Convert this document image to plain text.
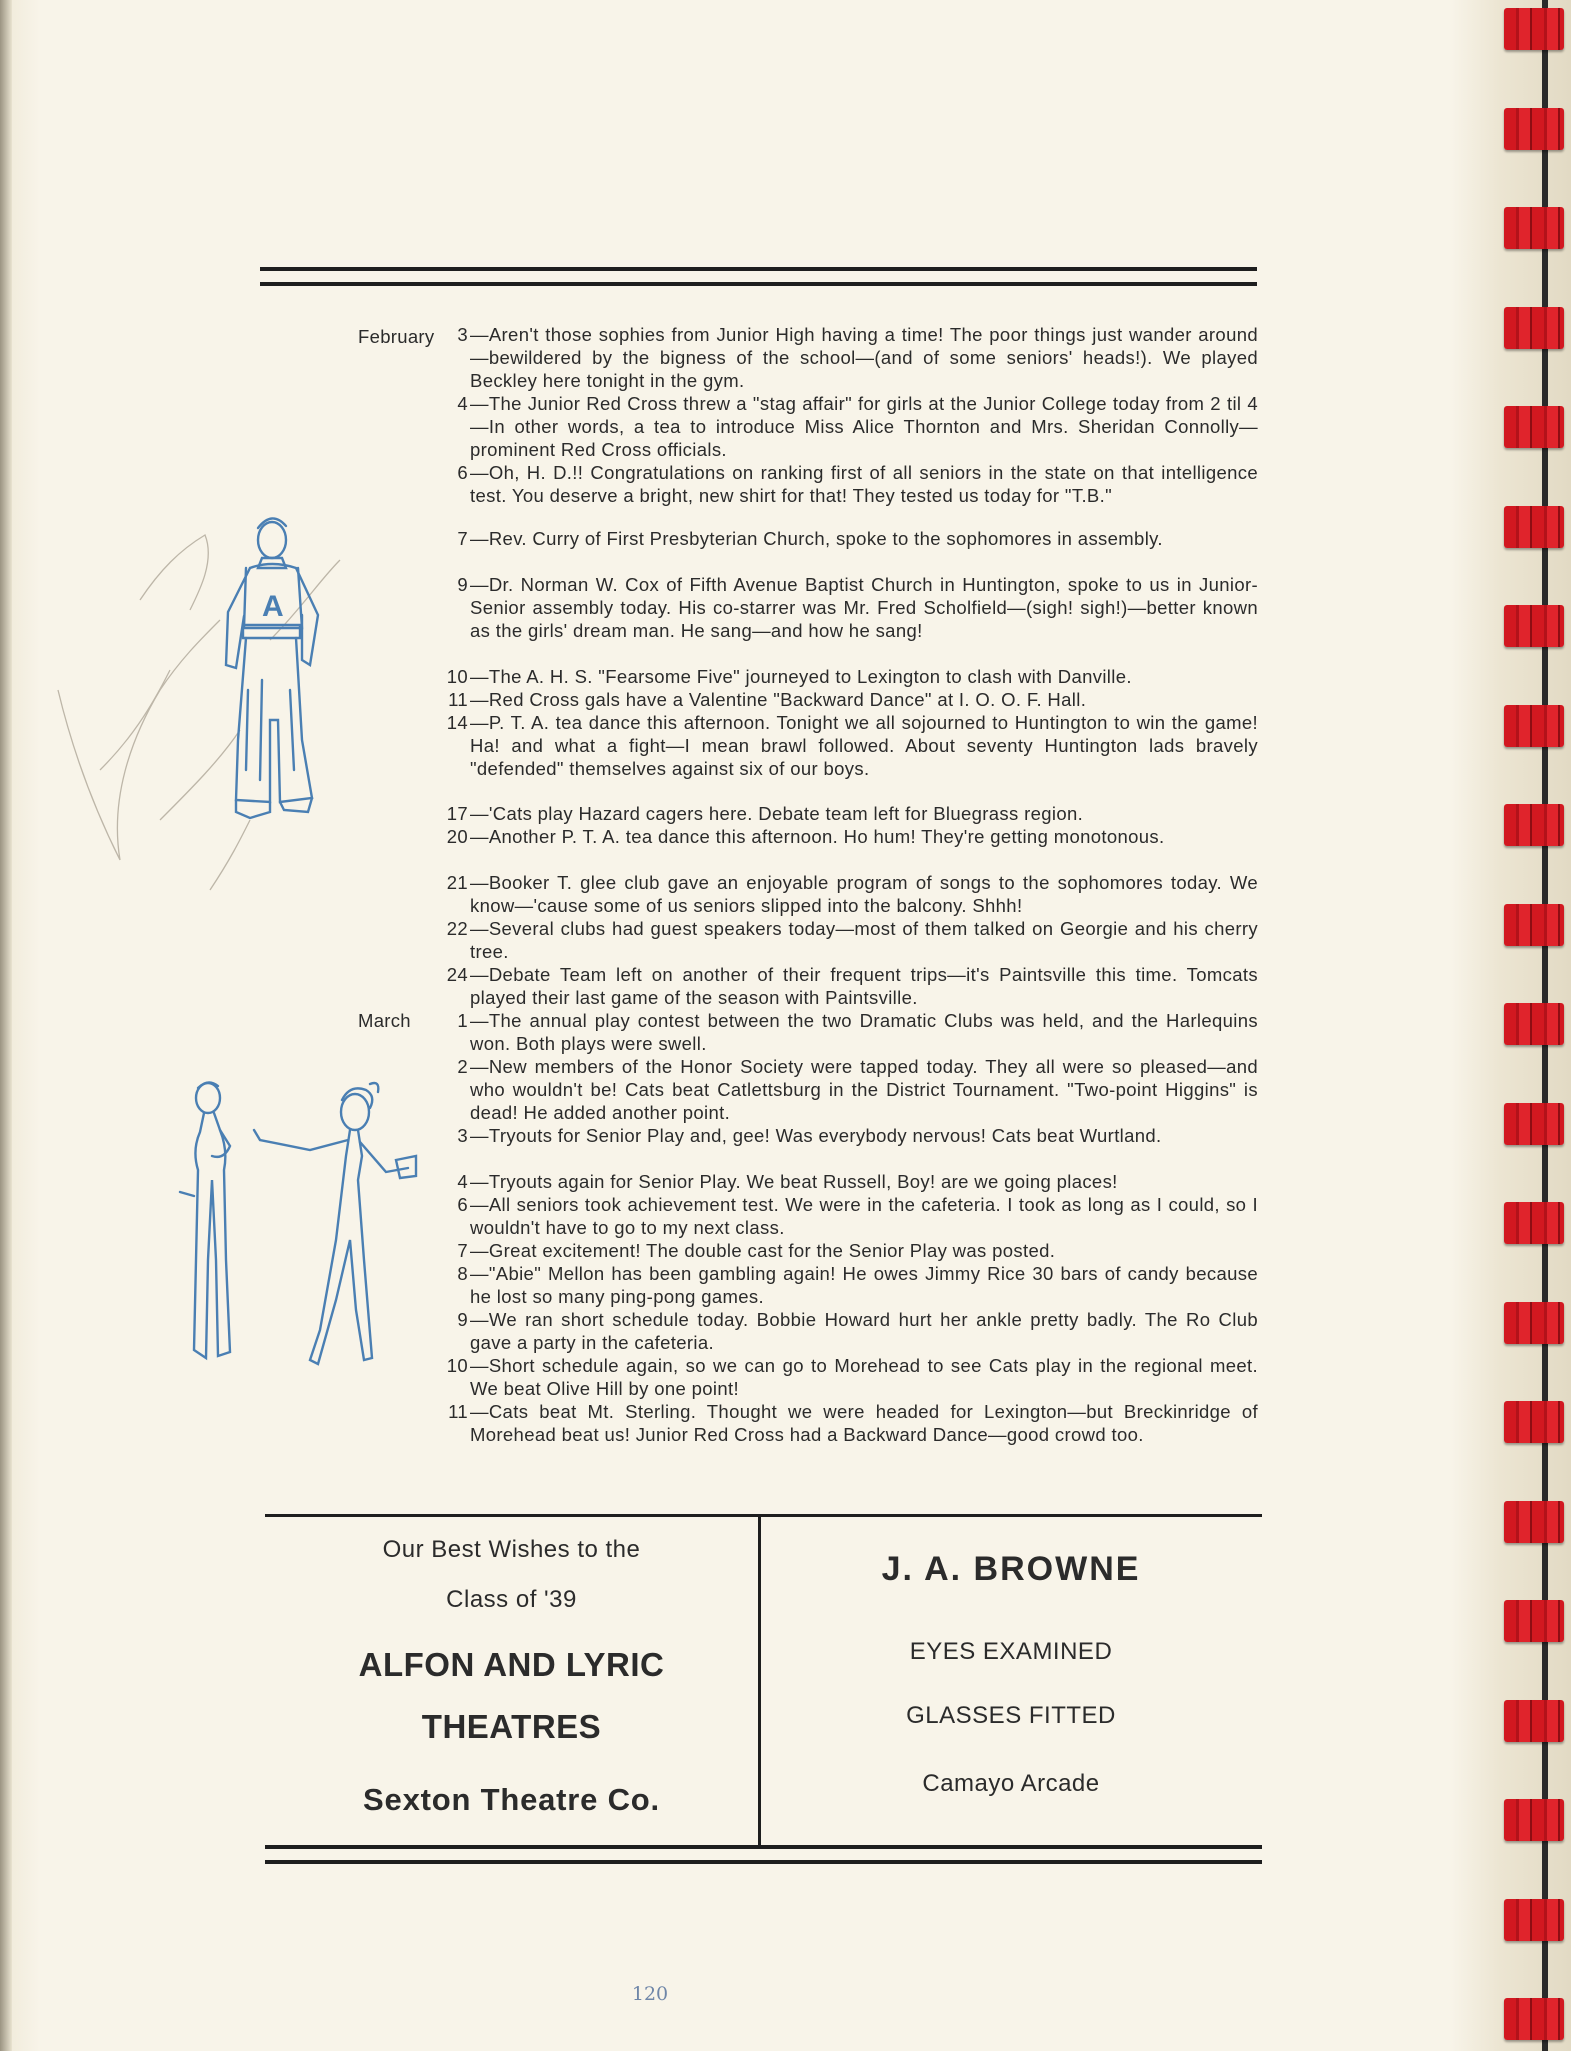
A
February
March
3 —Aren't those sophies from Junior High having a time! The poor things just wander around—bewildered by the bigness of the school—(and of some seniors' heads!). We played Beckley here tonight in the gym.
4 —The Junior Red Cross threw a "stag affair" for girls at the Junior College today from 2 til 4—In other words, a tea to introduce Miss Alice Thornton and Mrs. Sheridan Connolly—prominent Red Cross officials.
6 —Oh, H. D.!! Congratulations on ranking first of all seniors in the state on that intelligence test. You deserve a bright, new shirt for that! They tested us today for "T.B."
7 —Rev. Curry of First Presbyterian Church, spoke to the sophomores in assembly.
9 —Dr. Norman W. Cox of Fifth Avenue Baptist Church in Huntington, spoke to us in Junior-Senior assembly today. His co-starrer was Mr. Fred Scholfield—(sigh! sigh!)—better known as the girls' dream man. He sang—and how he sang!
10 —The A. H. S. "Fearsome Five" journeyed to Lexington to clash with Danville.
11 —Red Cross gals have a Valentine "Backward Dance" at I. O. O. F. Hall.
14 —P. T. A. tea dance this afternoon. Tonight we all sojourned to Huntington to win the game! Ha! and what a fight—I mean brawl followed. About seventy Huntington lads bravely "defended" themselves against six of our boys.
17 —'Cats play Hazard cagers here. Debate team left for Bluegrass region.
20 —Another P. T. A. tea dance this afternoon. Ho hum! They're getting monotonous.
21 —Booker T. glee club gave an enjoyable program of songs to the sophomores today. We know—'cause some of us seniors slipped into the balcony. Shhh!
22 —Several clubs had guest speakers today—most of them talked on Georgie and his cherry tree.
24 —Debate Team left on another of their frequent trips—it's Paintsville this time. Tomcats played their last game of the season with Paintsville.
1 —The annual play contest between the two Dramatic Clubs was held, and the Harlequins won. Both plays were swell.
2 —New members of the Honor Society were tapped today. They all were so pleased—and who wouldn't be! Cats beat Catlettsburg in the District Tournament. "Two-point Higgins" is dead! He added another point.
3 —Tryouts for Senior Play and, gee! Was everybody nervous! Cats beat Wurtland.
4 —Tryouts again for Senior Play. We beat Russell, Boy! are we going places!
6 —All seniors took achievement test. We were in the cafeteria. I took as long as I could, so I wouldn't have to go to my next class.
7 —Great excitement! The double cast for the Senior Play was posted.
8 —"Abie" Mellon has been gambling again! He owes Jimmy Rice 30 bars of candy because he lost so many ping-pong games.
9 —We ran short schedule today. Bobbie Howard hurt her ankle pretty badly. The Ro Club gave a party in the cafeteria.
10 —Short schedule again, so we can go to Morehead to see Cats play in the regional meet. We beat Olive Hill by one point!
11 —Cats beat Mt. Sterling. Thought we were headed for Lexington—but Breckinridge of Morehead beat us! Junior Red Cross had a Backward Dance—good crowd too.
Our Best Wishes to the
Class of '39
ALFON AND LYRIC
THEATRES
Sexton Theatre Co.
J. A. BROWNE
EYES EXAMINED
GLASSES FITTED
Camayo Arcade
120
